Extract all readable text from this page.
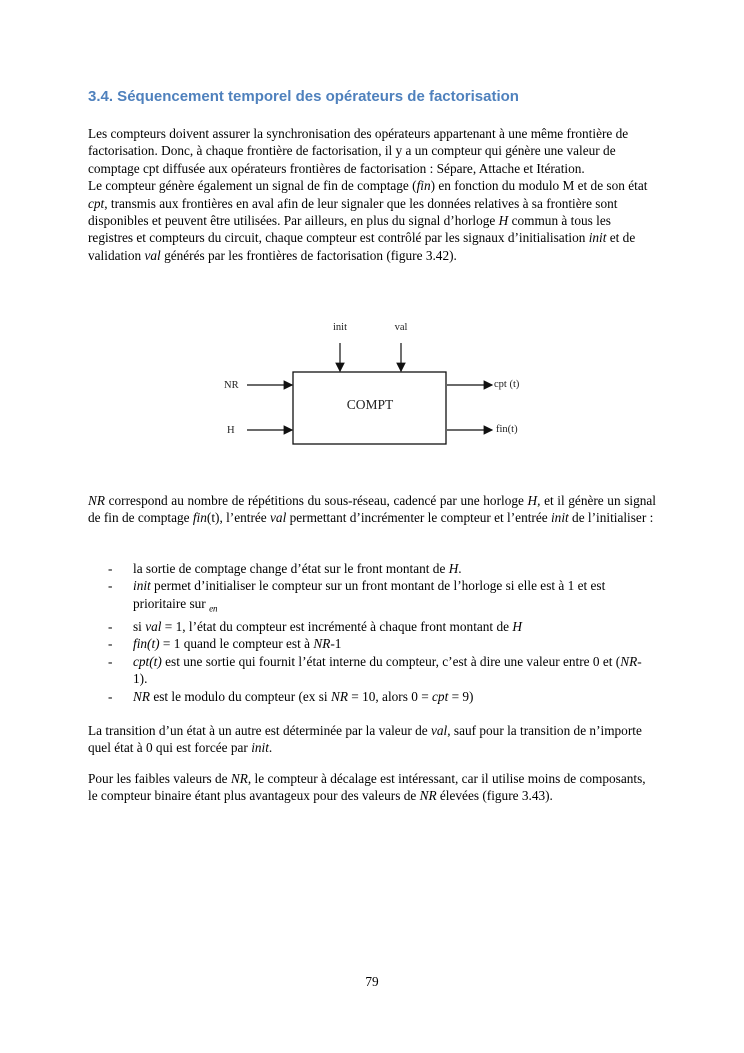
3.4. Séquencement temporel des opérateurs de factorisation

Les compteurs doivent assurer la synchronisation des opérateurs appartenant à une même frontière de factorisation. Donc, à chaque frontière de factorisation, il y a un compteur qui génère une valeur de comptage cpt diffusée aux opérateurs frontières de factorisation : Sépare, Attache et Itération.
Le compteur génère également un signal de fin de comptage (fin) en fonction du modulo M et de son état cpt, transmis aux frontières en aval afin de leur signaler que les données relatives à sa frontière sont disponibles et peuvent être utilisées. Par ailleurs, en plus du signal d’horloge H commun à tous les registres et compteurs du circuit, chaque compteur est contrôlé par les signaux d’initialisation init et de validation val générés par les frontières de factorisation (figure 3.42).

COMPT
init	val
NR
H
cpt (t)
fin(t)

NR correspond au nombre de répétitions du sous-réseau, cadencé par une horloge H, et il génère un signal de fin de comptage fin(t), l’entrée val permettant d’incrémenter le compteur et l’entrée init de l’initialiser :

- la sortie de comptage change d’état sur le front montant de H.
- init permet d’initialiser le compteur sur un front montant de l’horloge si elle est à 1 et est prioritaire sur $_{en}$
- si val = 1, l’état du compteur est incrémenté à chaque front montant de H
- fin(t) = 1 quand le compteur est à NR-1
- cpt(t) est une sortie qui fournit l’état interne du compteur, c’est à dire une valeur entre 0 et (NR-1).
- NR est le modulo du compteur (ex si NR = 10, alors 0 = cpt = 9)

La transition d’un état à un autre est déterminée par la valeur de val, sauf pour la transition de n’importe quel état à 0 qui est forcée par init.

Pour les faibles valeurs de NR, le compteur à décalage est intéressant, car il utilise moins de composants, le compteur binaire étant plus avantageux pour des valeurs de NR élevées (figure 3.43).

79
